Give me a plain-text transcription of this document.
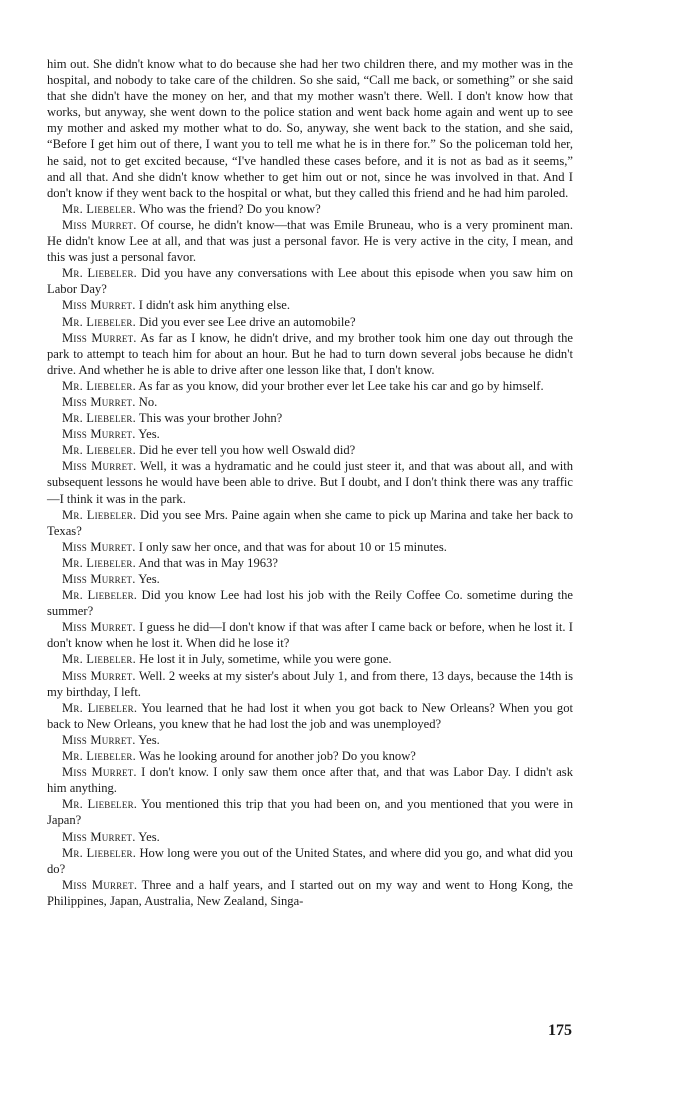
him out. She didn't know what to do because she had her two children there, and my mother was in the hospital, and nobody to take care of the children. So she said, “Call me back, or something” or she said that she didn't have the money on her, and that my mother wasn't there. Well. I don't know how that works, but anyway, she went down to the police station and went back home again and went up to see my mother and asked my mother what to do. So, anyway, she went back to the station, and she said, “Before I get him out of there, I want you to tell me what he is in there for.” So the policeman told her, he said, not to get excited because, “I've handled these cases before, and it is not as bad as it seems,” and all that. And she didn't know whether to get him out or not, since he was involved in that. And I don't know if they went back to the hospital or what, but they called this friend and he had him paroled.

Mr. Liebeler. Who was the friend? Do you know?

Miss Murret. Of course, he didn't know—that was Emile Bruneau, who is a very prominent man. He didn't know Lee at all, and that was just a personal favor. He is very active in the city, I mean, and this was just a personal favor.

Mr. Liebeler. Did you have any conversations with Lee about this episode when you saw him on Labor Day?

Miss Murret. I didn't ask him anything else.

Mr. Liebeler. Did you ever see Lee drive an automobile?

Miss Murret. As far as I know, he didn't drive, and my brother took him one day out through the park to attempt to teach him for about an hour. But he had to turn down several jobs because he didn't drive. And whether he is able to drive after one lesson like that, I don't know.

Mr. Liebeler. As far as you know, did your brother ever let Lee take his car and go by himself.

Miss Murret. No.

Mr. Liebeler. This was your brother John?

Miss Murret. Yes.

Mr. Liebeler. Did he ever tell you how well Oswald did?

Miss Murret. Well, it was a hydramatic and he could just steer it, and that was about all, and with subsequent lessons he would have been able to drive. But I doubt, and I don't think there was any traffic—I think it was in the park.

Mr. Liebeler. Did you see Mrs. Paine again when she came to pick up Marina and take her back to Texas?

Miss Murret. I only saw her once, and that was for about 10 or 15 minutes.

Mr. Liebeler. And that was in May 1963?

Miss Murret. Yes.

Mr. Liebeler. Did you know Lee had lost his job with the Reily Coffee Co. sometime during the summer?

Miss Murret. I guess he did—I don't know if that was after I came back or before, when he lost it. I don't know when he lost it. When did he lose it?

Mr. Liebeler. He lost it in July, sometime, while you were gone.

Miss Murret. Well. 2 weeks at my sister's about July 1, and from there, 13 days, because the 14th is my birthday, I left.

Mr. Liebeler. You learned that he had lost it when you got back to New Orleans? When you got back to New Orleans, you knew that he had lost the job and was unemployed?

Miss Murret. Yes.

Mr. Liebeler. Was he looking around for another job? Do you know?

Miss Murret. I don't know. I only saw them once after that, and that was Labor Day. I didn't ask him anything.

Mr. Liebeler. You mentioned this trip that you had been on, and you mentioned that you were in Japan?

Miss Murret. Yes.

Mr. Liebeler. How long were you out of the United States, and where did you go, and what did you do?

Miss Murret. Three and a half years, and I started out on my way and went to Hong Kong, the Philippines, Japan, Australia, New Zealand, Singa-

175
